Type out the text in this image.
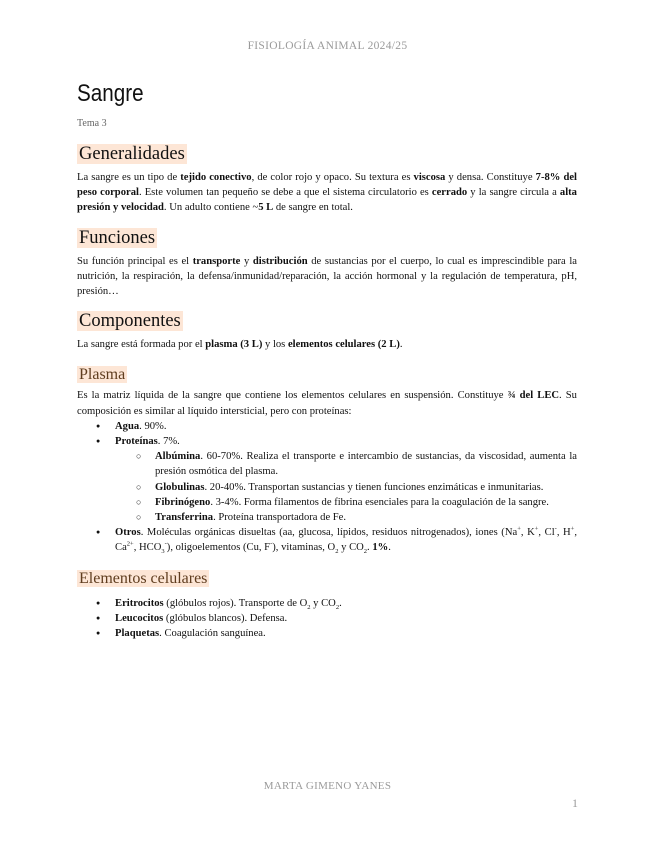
FISIOLOGÍA ANIMAL 2024/25
Sangre
Tema 3
Generalidades

La sangre es un tipo de tejido conectivo, de color rojo y opaco. Su textura es viscosa y densa. Constituye 7-8% del peso corporal. Este volumen tan pequeño se debe a que el sistema circulatorio es cerrado y la sangre circula a alta presión y velocidad. Un adulto contiene ~5 L de sangre en total.

Funciones

Su función principal es el transporte y distribución de sustancias por el cuerpo, lo cual es imprescindible para la nutrición, la respiración, la defensa/inmunidad/reparación, la acción hormonal y la regulación de temperatura, pH, presión…

Componentes

La sangre está formada por el plasma (3 L) y los elementos celulares (2 L).

Plasma

Es la matriz líquida de la sangre que contiene los elementos celulares en suspensión. Constituye ¾ del LEC. Su composición es similar al líquido intersticial, pero con proteínas:

● Agua. 90%.
● Proteínas. 7%.
○ Albúmina. 60-70%. Realiza el transporte e intercambio de sustancias, da viscosidad, aumenta la presión osmótica del plasma.
○ Globulinas. 20-40%. Transportan sustancias y tienen funciones enzimáticas e inmunitarias.
○ Fibrinógeno. 3-4%. Forma filamentos de fibrina esenciales para la coagulación de la sangre.
○ Transferrina. Proteína transportadora de Fe.
● Otros. Moléculas orgánicas disueltas (aa, glucosa, lípidos, residuos nitrogenados), iones (Na+, K+, Cl-, H+, $Ca^{2+}$, $HCO_3^-$), oligoelementos (Cu, F-), vitaminas, $O_2$ y $CO_2$. 1%.
Elementos celulares
● Eritrocitos (glóbulos rojos). Transporte de $O_2$ y $CO_2$.
● Leucocitos (glóbulos blancos). Defensa.
● Plaquetas. Coagulación sanguínea.
MARTA GIMENO YANES
1
